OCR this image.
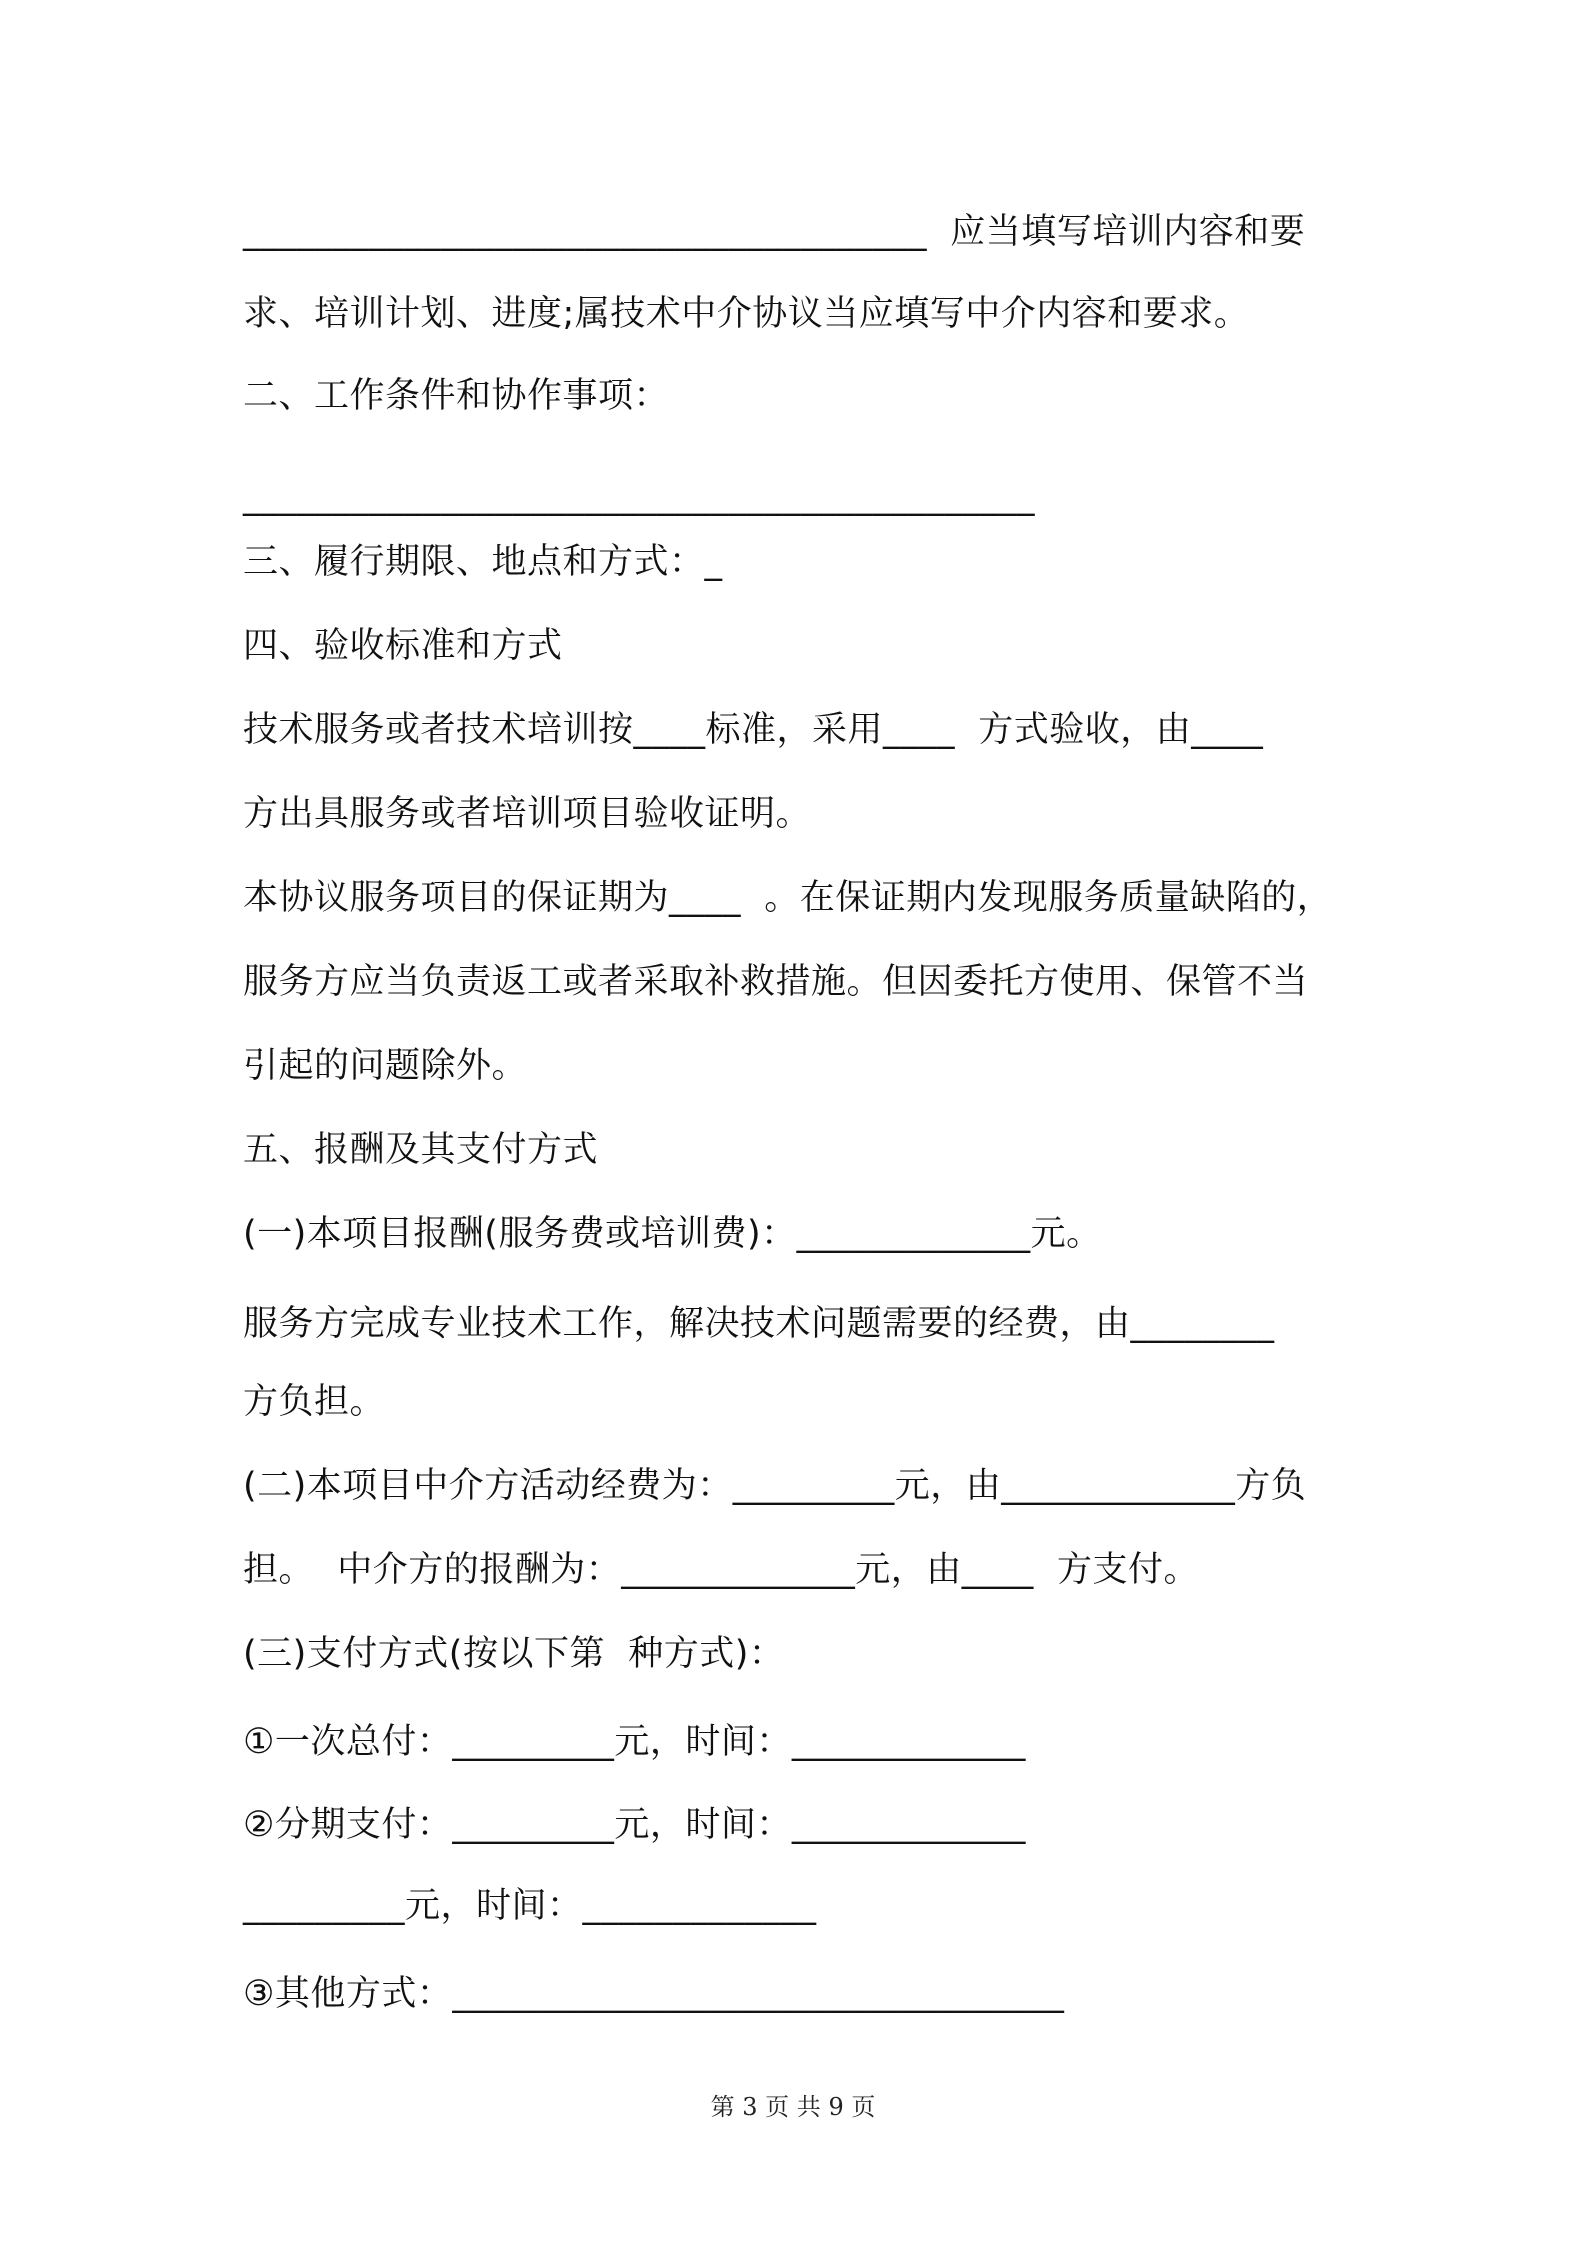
______________________________________  应当填写培训内容和要
求、培训计划、进度;属技术中介协议当应填写中介内容和要求。
二、工作条件和协作事项：
____________________________________________
三、履行期限、地点和方式：_
四、验收标准和方式
技术服务或者技术培训按____标准，采用____  方式验收，由____
方出具服务或者培训项目验收证明。
本协议服务项目的保证期为____  。在保证期内发现服务质量缺陷的，
服务方应当负责返工或者采取补救措施。但因委托方使用、保管不当
引起的问题除外。
五、报酬及其支付方式
(一)本项目报酬(服务费或培训费)：_____________元。
服务方完成专业技术工作，解决技术问题需要的经费，由________
方负担。
(二)本项目中介方活动经费为：_________元，由_____________方负
担。  中介方的报酬为：_____________元，由____  方支付。
(三)支付方式(按以下第  种方式)：
①一次总付：_________元，时间：_____________
②分期支付：_________元，时间：_____________
_________元，时间：_____________
③其他方式：__________________________________
第 3 页 共 9 页
